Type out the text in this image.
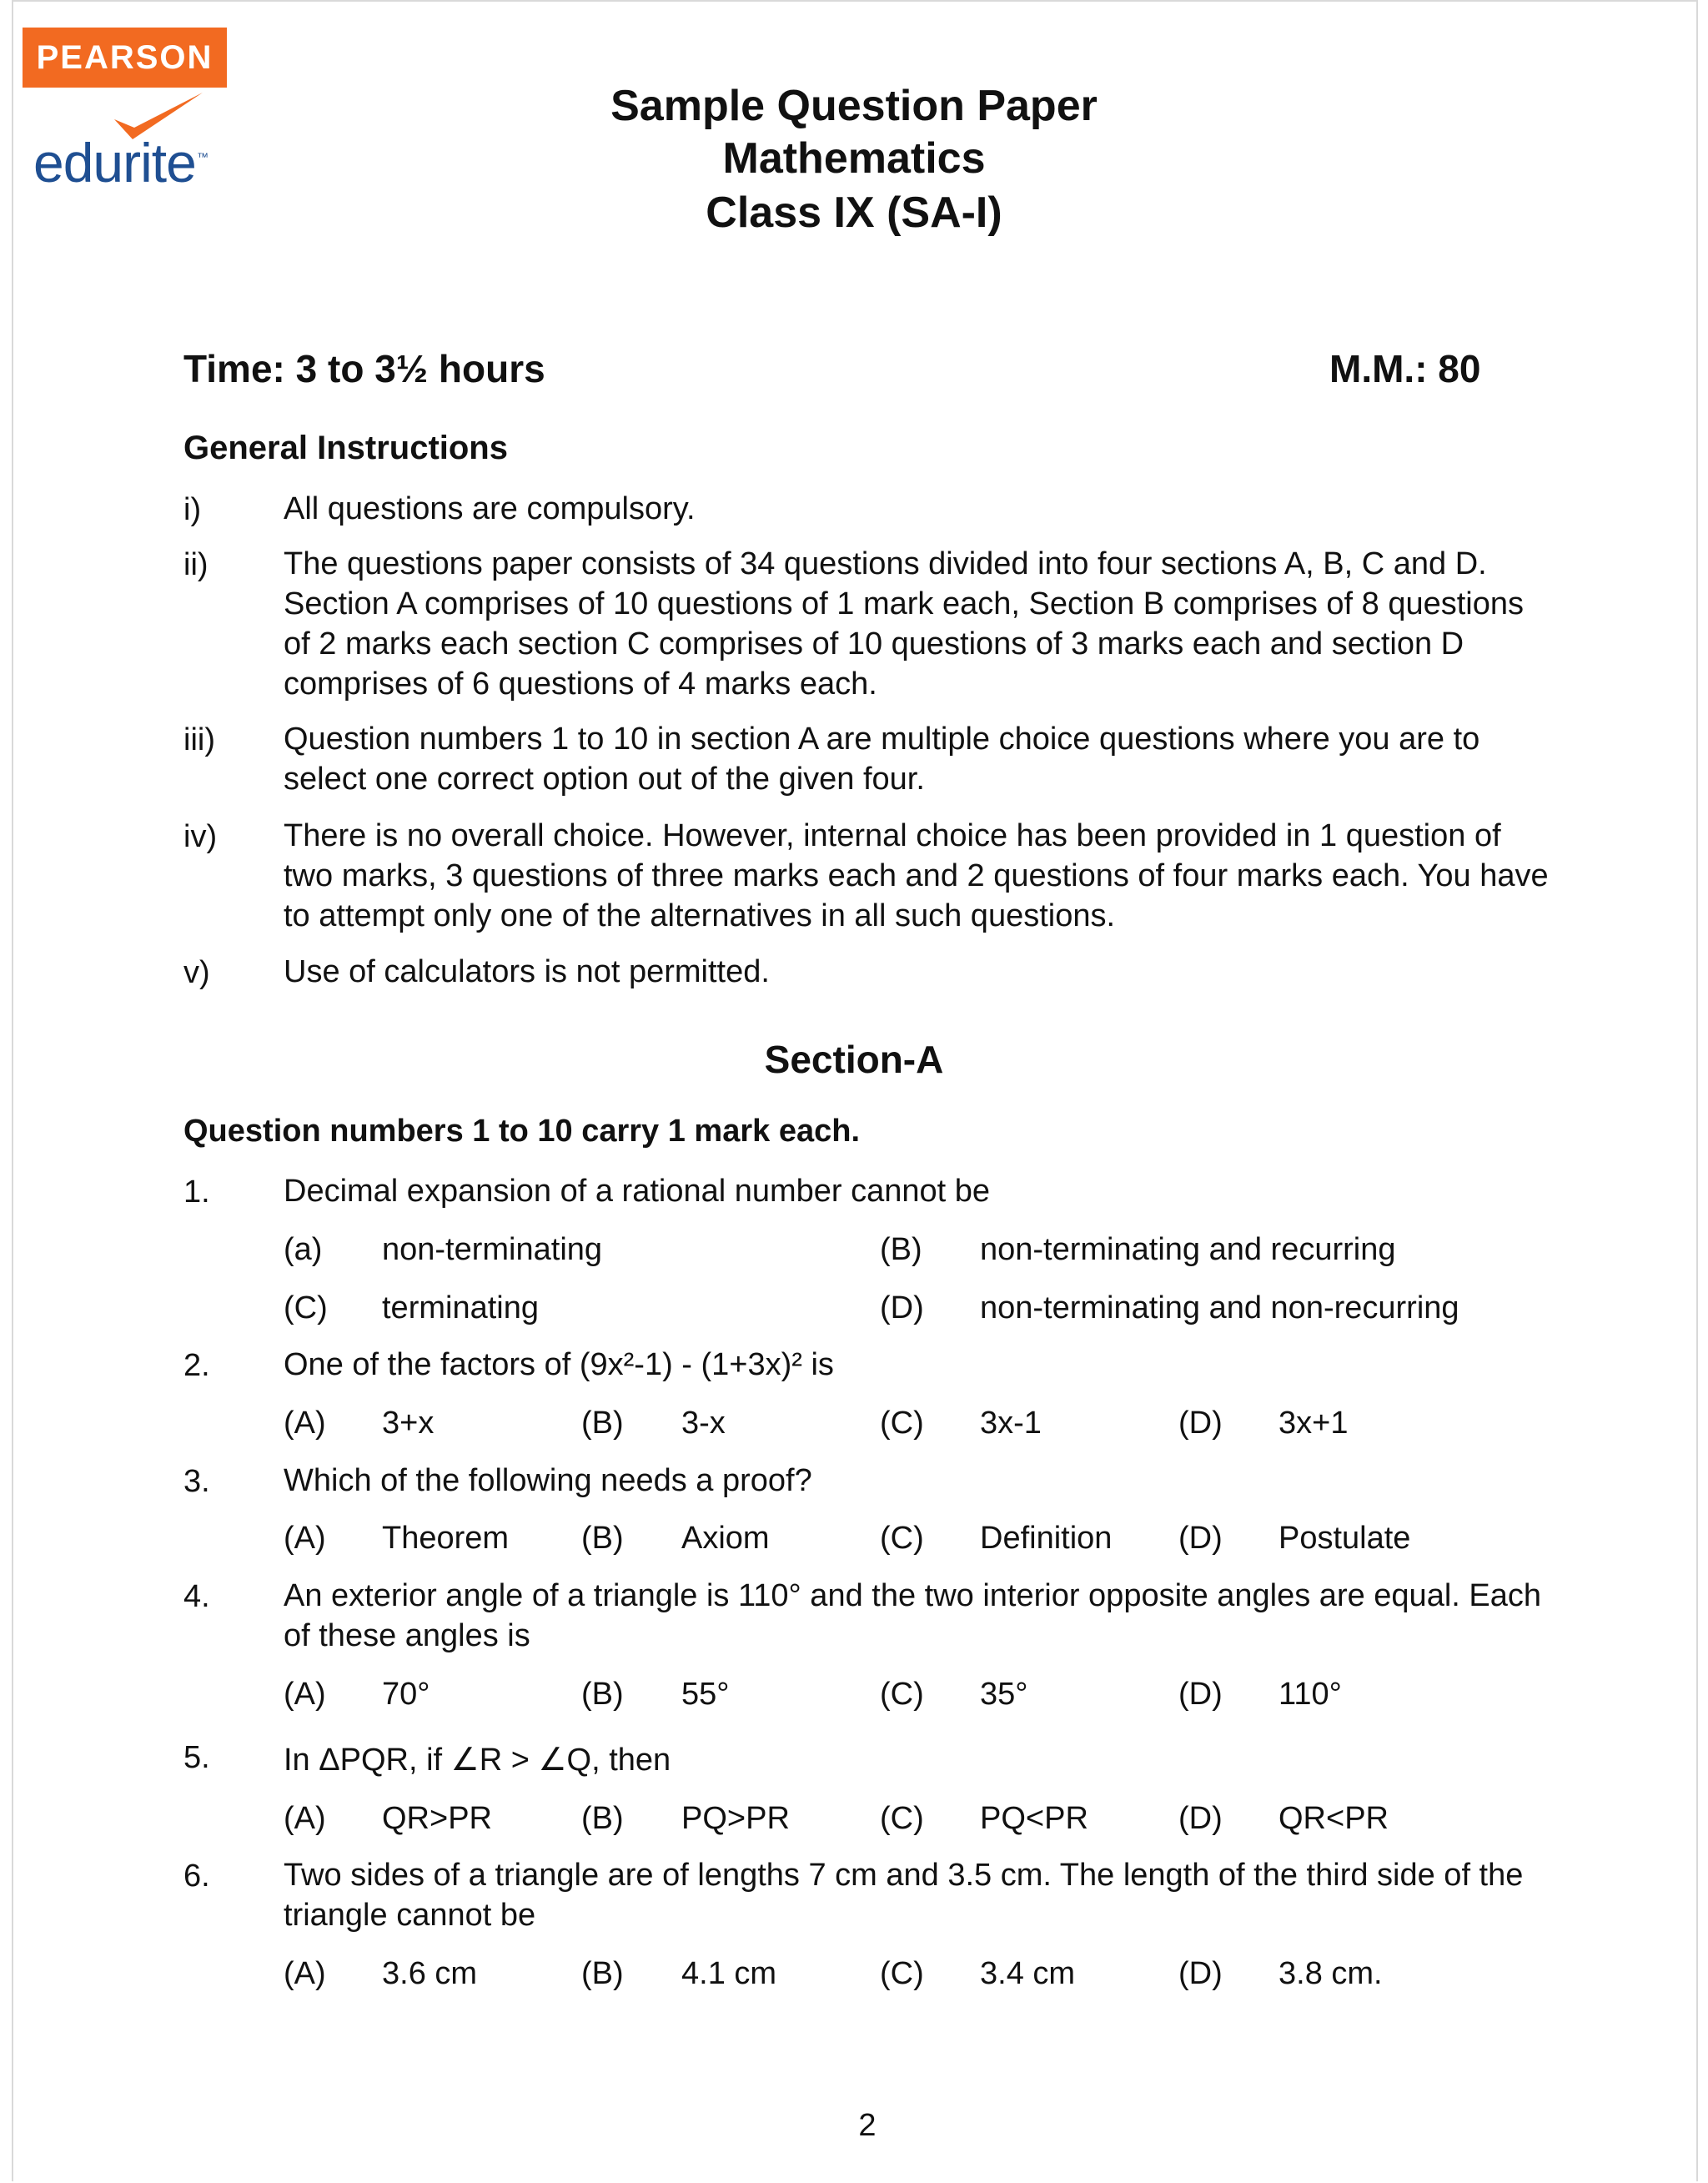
PEARSON
edurite ™
Sample Question Paper
Mathematics
Class IX (SA-I)
Time: 3 to 3½ hours	M.M.: 80
General Instructions
i)	All questions are compulsory.
ii) The questions paper consists of 34 questions divided into four sections A, B, C and D.
Section A comprises of 10 questions of 1 mark each, Section B comprises of 8 questions
of 2 marks each section C comprises of 10 questions of 3 marks each and section D
comprises of 6 questions of 4 marks each.
iii) Question numbers 1 to 10 in section A are multiple choice questions where you are to
select one correct option out of the given four.
iv) There is no overall choice. However, internal choice has been provided in 1 question of
two marks, 3 questions of three marks each and 2 questions of four marks each. You have
to attempt only one of the alternatives in all such questions.
v) Use of calculators is not permitted.
Section-A
Question numbers 1 to 10 carry 1 mark each.
1. Decimal expansion of a rational number cannot be
(a) non-terminating	(B) non-terminating and recurring
(C) terminating	(D) non-terminating and non-recurring
2. One of the factors of (9x²-1) - (1+3x)² is
(A) 3+x	(B) 3-x	(C) 3x-1	(D) 3x+1
3. Which of the following needs a proof?
(A) Theorem (B) Axiom	(C) Definition (D) Postulate
4. An exterior angle of a triangle is 110° and the two interior opposite angles are equal. Each
of these angles is
(A) 70°	(B) 55°	(C) 35°	(D) 110°
5. In ΔPQR, if ∠R > ∠Q, then
(A) QR>PR	(B) PQ>PR	(C) PQ<PR	(D) QR<PR
6. Two sides of a triangle are of lengths 7 cm and 3.5 cm. The length of the third side of the
triangle cannot be
(A) 3.6 cm	(B) 4.1 cm	(C) 3.4 cm	(D) 3.8 cm.
2
